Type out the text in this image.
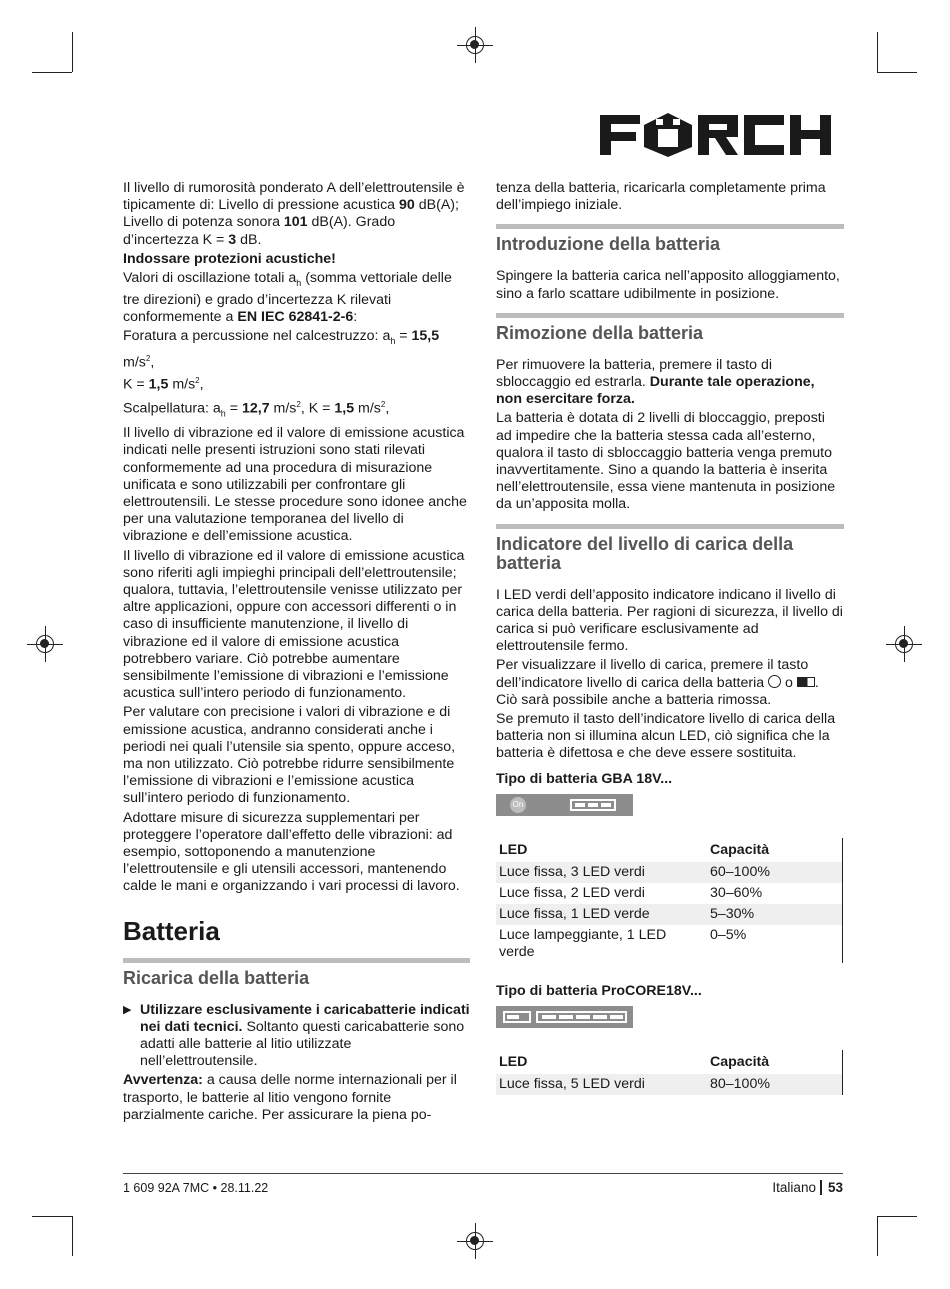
Il livello di rumorosità ponderato A dell’elettroutensile è tipicamente di: Livello di pressione acustica 90 dB(A); Livello di potenza sonora 101 dB(A). Grado d’incertezza K = 3 dB.

Indossare protezioni acustiche!

Valori di oscillazione totali $a_h$ (somma vettoriale delle tre direzioni) e grado d’incertezza K rilevati conformemente a EN IEC 62841-2-6:

Foratura a percussione nel calcestruzzo: $a_h = 15,5$ $m/s^2$,
K = 1,5 $m/s^2$,

Scalpellatura: $a_h = 12,7$ $m/s^2$, K = 1,5 $m/s^2$,

Il livello di vibrazione ed il valore di emissione acustica indicati nelle presenti istruzioni sono stati rilevati conformemente ad una procedura di misurazione unificata e sono utilizzabili per confrontare gli elettroutensili. Le stesse procedure sono idonee anche per una valutazione temporanea del livello di vibrazione e dell’emissione acustica.

Il livello di vibrazione ed il valore di emissione acustica sono riferiti agli impieghi principali dell’elettroutensile; qualora, tuttavia, l’elettroutensile venisse utilizzato per altre applicazioni, oppure con accessori differenti o in caso di insufficiente manutenzione, il livello di vibrazione ed il valore di emissione acustica potrebbero variare. Ciò potrebbe aumentare sensibilmente l’emissione di vibrazioni e l’emissione acustica sull’intero periodo di funzionamento.

Per valutare con precisione i valori di vibrazione e di emissione acustica, andranno considerati anche i periodi nei quali l’utensile sia spento, oppure acceso, ma non utilizzato. Ciò potrebbe ridurre sensibilmente l’emissione di vibrazioni e l’emissione acustica sull’intero periodo di funzionamento.

Adottare misure di sicurezza supplementari per proteggere l’operatore dall’effetto delle vibrazioni: ad esempio, sottoponendo a manutenzione l’elettroutensile e gli utensili accessori, mantenendo calde le mani e organizzando i vari processi di lavoro.

Batteria
Ricarica della batteria

▶ Utilizzare esclusivamente i caricabatterie indicati nei dati tecnici. Soltanto questi caricabatterie sono adatti alle batterie al litio utilizzate nell’elettroutensile.

Avvertenza: a causa delle norme internazionali per il trasporto, le batterie al litio vengono fornite parzialmente cariche. Per assicurare la piena po-

tenza della batteria, ricaricarla completamente prima dell’impiego iniziale.

Introduzione della batteria

Spingere la batteria carica nell’apposito alloggiamento, sino a farlo scattare udibilmente in posizione.

Rimozione della batteria

Per rimuovere la batteria, premere il tasto di sbloccaggio ed estrarla. Durante tale operazione, non esercitare forza.

La batteria è dotata di 2 livelli di bloccaggio, preposti ad impedire che la batteria stessa cada all’esterno, qualora il tasto di sbloccaggio batteria venga premuto inavvertitamente. Sino a quando la batteria è inserita nell’elettroutensile, essa viene mantenuta in posizione da un’apposita molla.

Indicatore del livello di carica della batteria

I LED verdi dell’apposito indicatore indicano il livello di carica della batteria. Per ragioni di sicurezza, il livello di carica si può verificare esclusivamente ad elettroutensile fermo.

Per visualizzare il livello di carica, premere il tasto dell’indicatore livello di carica della batteria o . Ciò sarà possibile anche a batteria rimossa.

Se premuto il tasto dell’indicatore livello di carica della batteria non si illumina alcun LED, ciò significa che la batteria è difettosa e che deve essere sostituita.

Tipo di batteria GBA 18V...

On
LED	Capacità
Luce fissa, 3 LED verdi	60–100%
Luce fissa, 2 LED verdi	30–60%
Luce fissa, 1 LED verde	5–30%
Luce lampeggiante, 1 LED verde	0–5%

Tipo di batteria ProCORE18V...

LED	Capacità
Luce fissa, 5 LED verdi	80–100%
1 609 92A 7MC • 28.11.22	Italiano 53
